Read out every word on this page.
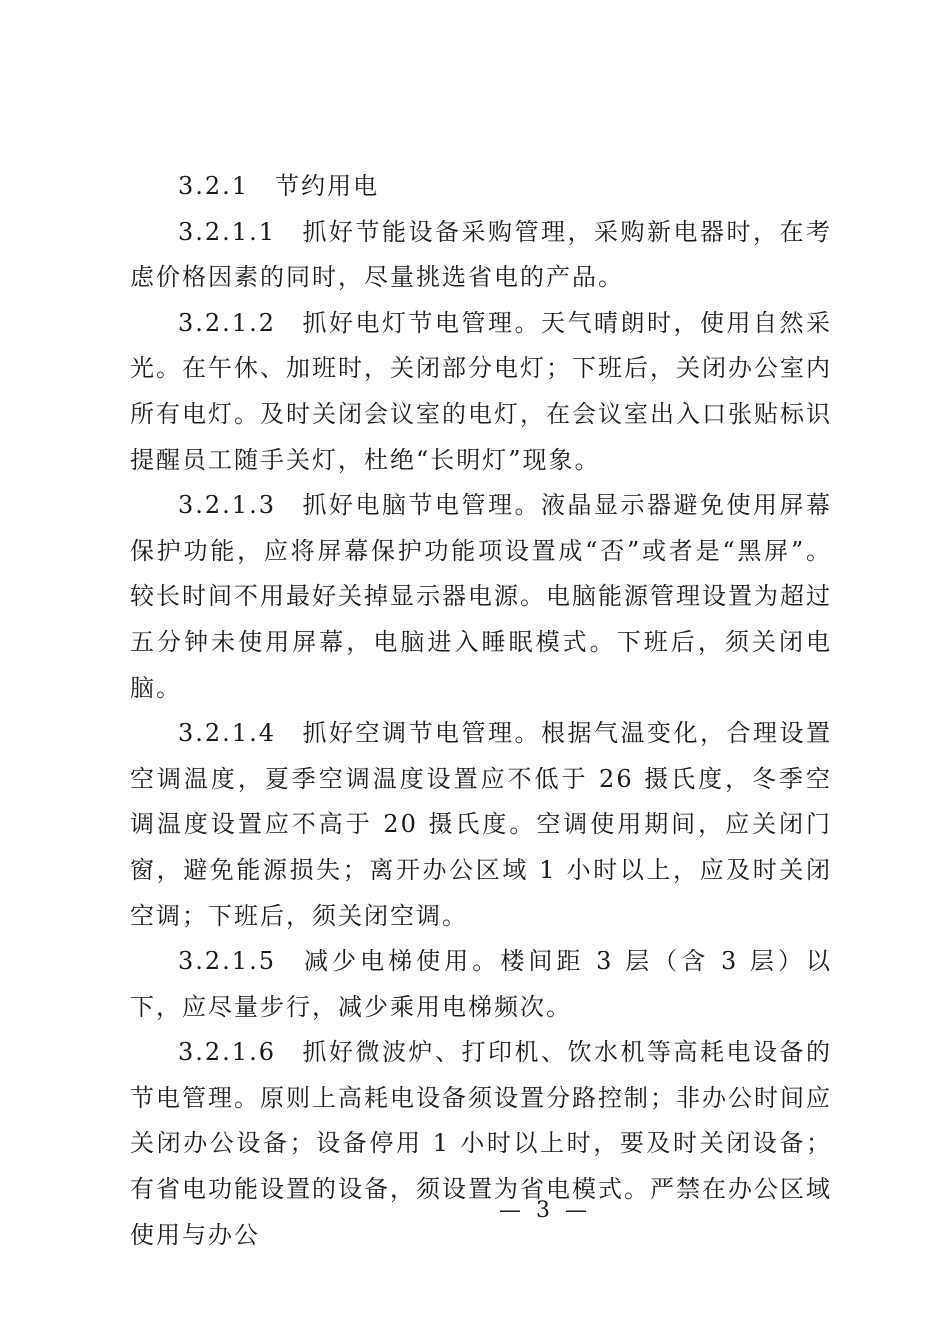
3.2.1 节约用电

3.2.1.1 抓好节能设备采购管理，采购新电器时，在考虑价格因素的同时，尽量挑选省电的产品。

3.2.1.2 抓好电灯节电管理。天气晴朗时，使用自然采光。在午休、加班时，关闭部分电灯；下班后，关闭办公室内所有电灯。及时关闭会议室的电灯，在会议室出入口张贴标识提醒员工随手关灯，杜绝“长明灯”现象。

3.2.1.3 抓好电脑节电管理。液晶显示器避免使用屏幕保护功能，应将屏幕保护功能项设置成“否”或者是“黑屏”。较长时间不用最好关掉显示器电源。电脑能源管理设置为超过五分钟未使用屏幕，电脑进入睡眠模式。下班后，须关闭电脑。

3.2.1.4 抓好空调节电管理。根据气温变化，合理设置空调温度，夏季空调温度设置应不低于 26 摄氏度，冬季空调温度设置应不高于 20 摄氏度。空调使用期间，应关闭门窗，避免能源损失；离开办公区域 1 小时以上，应及时关闭空调；下班后，须关闭空调。

3.2.1.5 减少电梯使用。楼间距 3 层（含 3 层）以下，应尽量步行，减少乘用电梯频次。

3.2.1.6 抓好微波炉、打印机、饮水机等高耗电设备的节电管理。原则上高耗电设备须设置分路控制；非办公时间应关闭办公设备；设备停用 1 小时以上时，要及时关闭设备；有省电功能设置的设备，须设置为省电模式。严禁在办公区域使用与办公

— 3 —
